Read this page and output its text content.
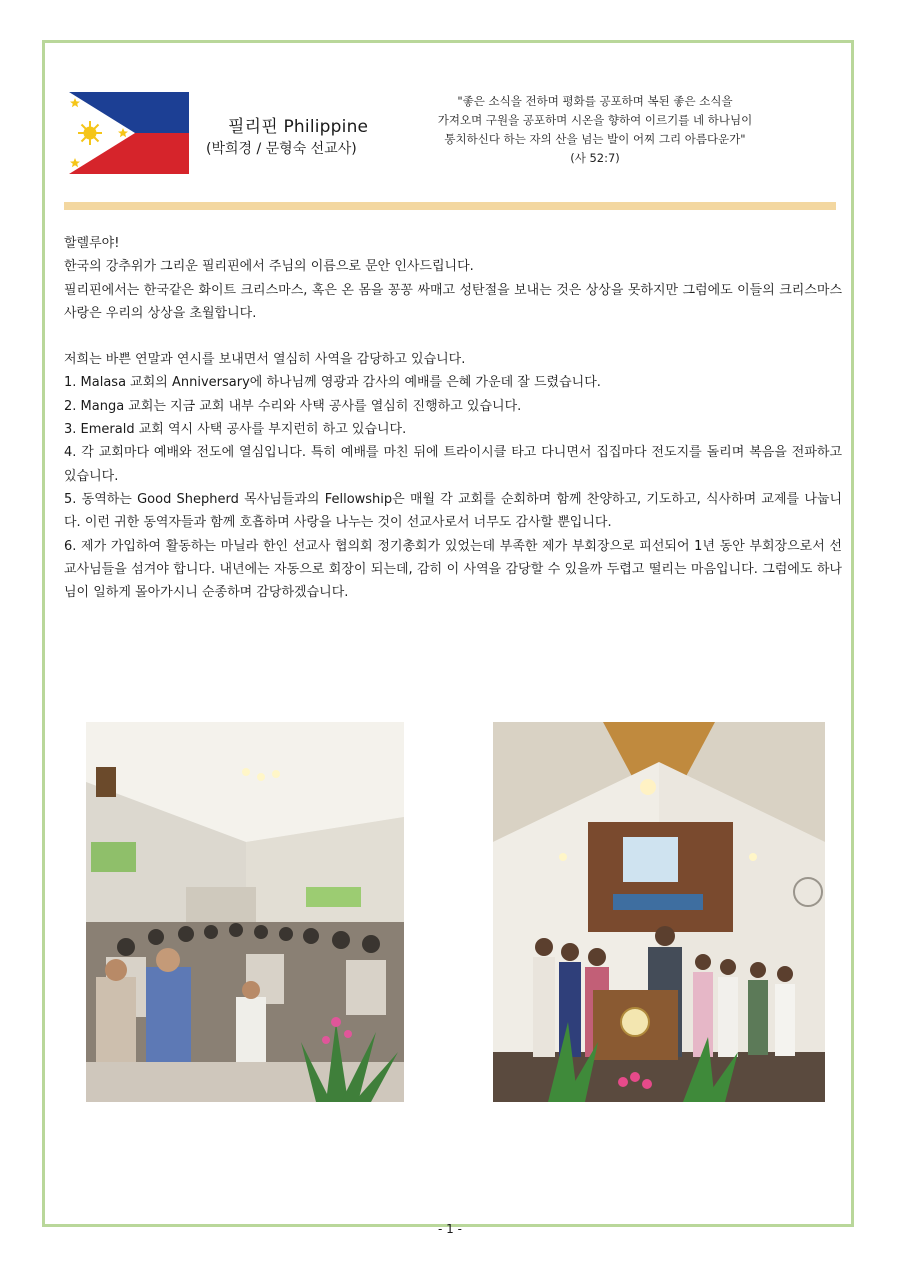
필리핀 Philippine
(박희경 / 문형숙 선교사)
"좋은 소식을 전하며 평화를 공포하며 복된 좋은 소식을
가져오며 구원을 공포하며 시온을 향하여 이르기를 네 하나님이
통치하신다 하는 자의 산을 넘는 발이 어찌 그리 아름다운가"
(사 52:7)

할렐루야!

한국의 강추위가 그리운 필리핀에서 주님의 이름으로 문안 인사드립니다.

필리핀에서는 한국같은 화이트 크리스마스, 혹은 온 몸을 꽁꽁 싸매고 성탄절을 보내는 것은 상상을 못하지만 그럼에도 이들의 크리스마스 사랑은 우리의 상상을 초월합니다.

저희는 바쁜 연말과 연시를 보내면서 열심히 사역을 감당하고 있습니다.

1. Malasa 교회의 Anniversary에 하나님께 영광과 감사의 예배를 은혜 가운데 잘 드렸습니다.

2. Manga 교회는 지금 교회 내부 수리와 사택 공사를 열심히 진행하고 있습니다.

3. Emerald 교회 역시 사택 공사를 부지런히 하고 있습니다.

4. 각 교회마다 예배와 전도에 열심입니다. 특히 예배를 마친 뒤에 트라이시클 타고 다니면서 집집마다 전도지를 돌리며 복음을 전파하고 있습니다.

5. 동역하는 Good Shepherd 목사님들과의 Fellowship은 매월 각 교회를 순회하며 함께 찬양하고, 기도하고, 식사하며 교제를 나눕니다. 이런 귀한 동역자들과 함께 호흡하며 사랑을 나누는 것이 선교사로서 너무도 감사할 뿐입니다.

6. 제가 가입하여 활동하는 마닐라 한인 선교사 협의회 정기총회가 있었는데 부족한 제가 부회장으로 피선되어 1년 동안 부회장으로서 선교사님들을 섬겨야 합니다. 내년에는 자동으로 회장이 되는데, 감히 이 사역을 감당할 수 있을까 두렵고 떨리는 마음입니다. 그럼에도 하나님이 일하게 몰아가시니 순종하며 감당하겠습니다.

- 1 -
